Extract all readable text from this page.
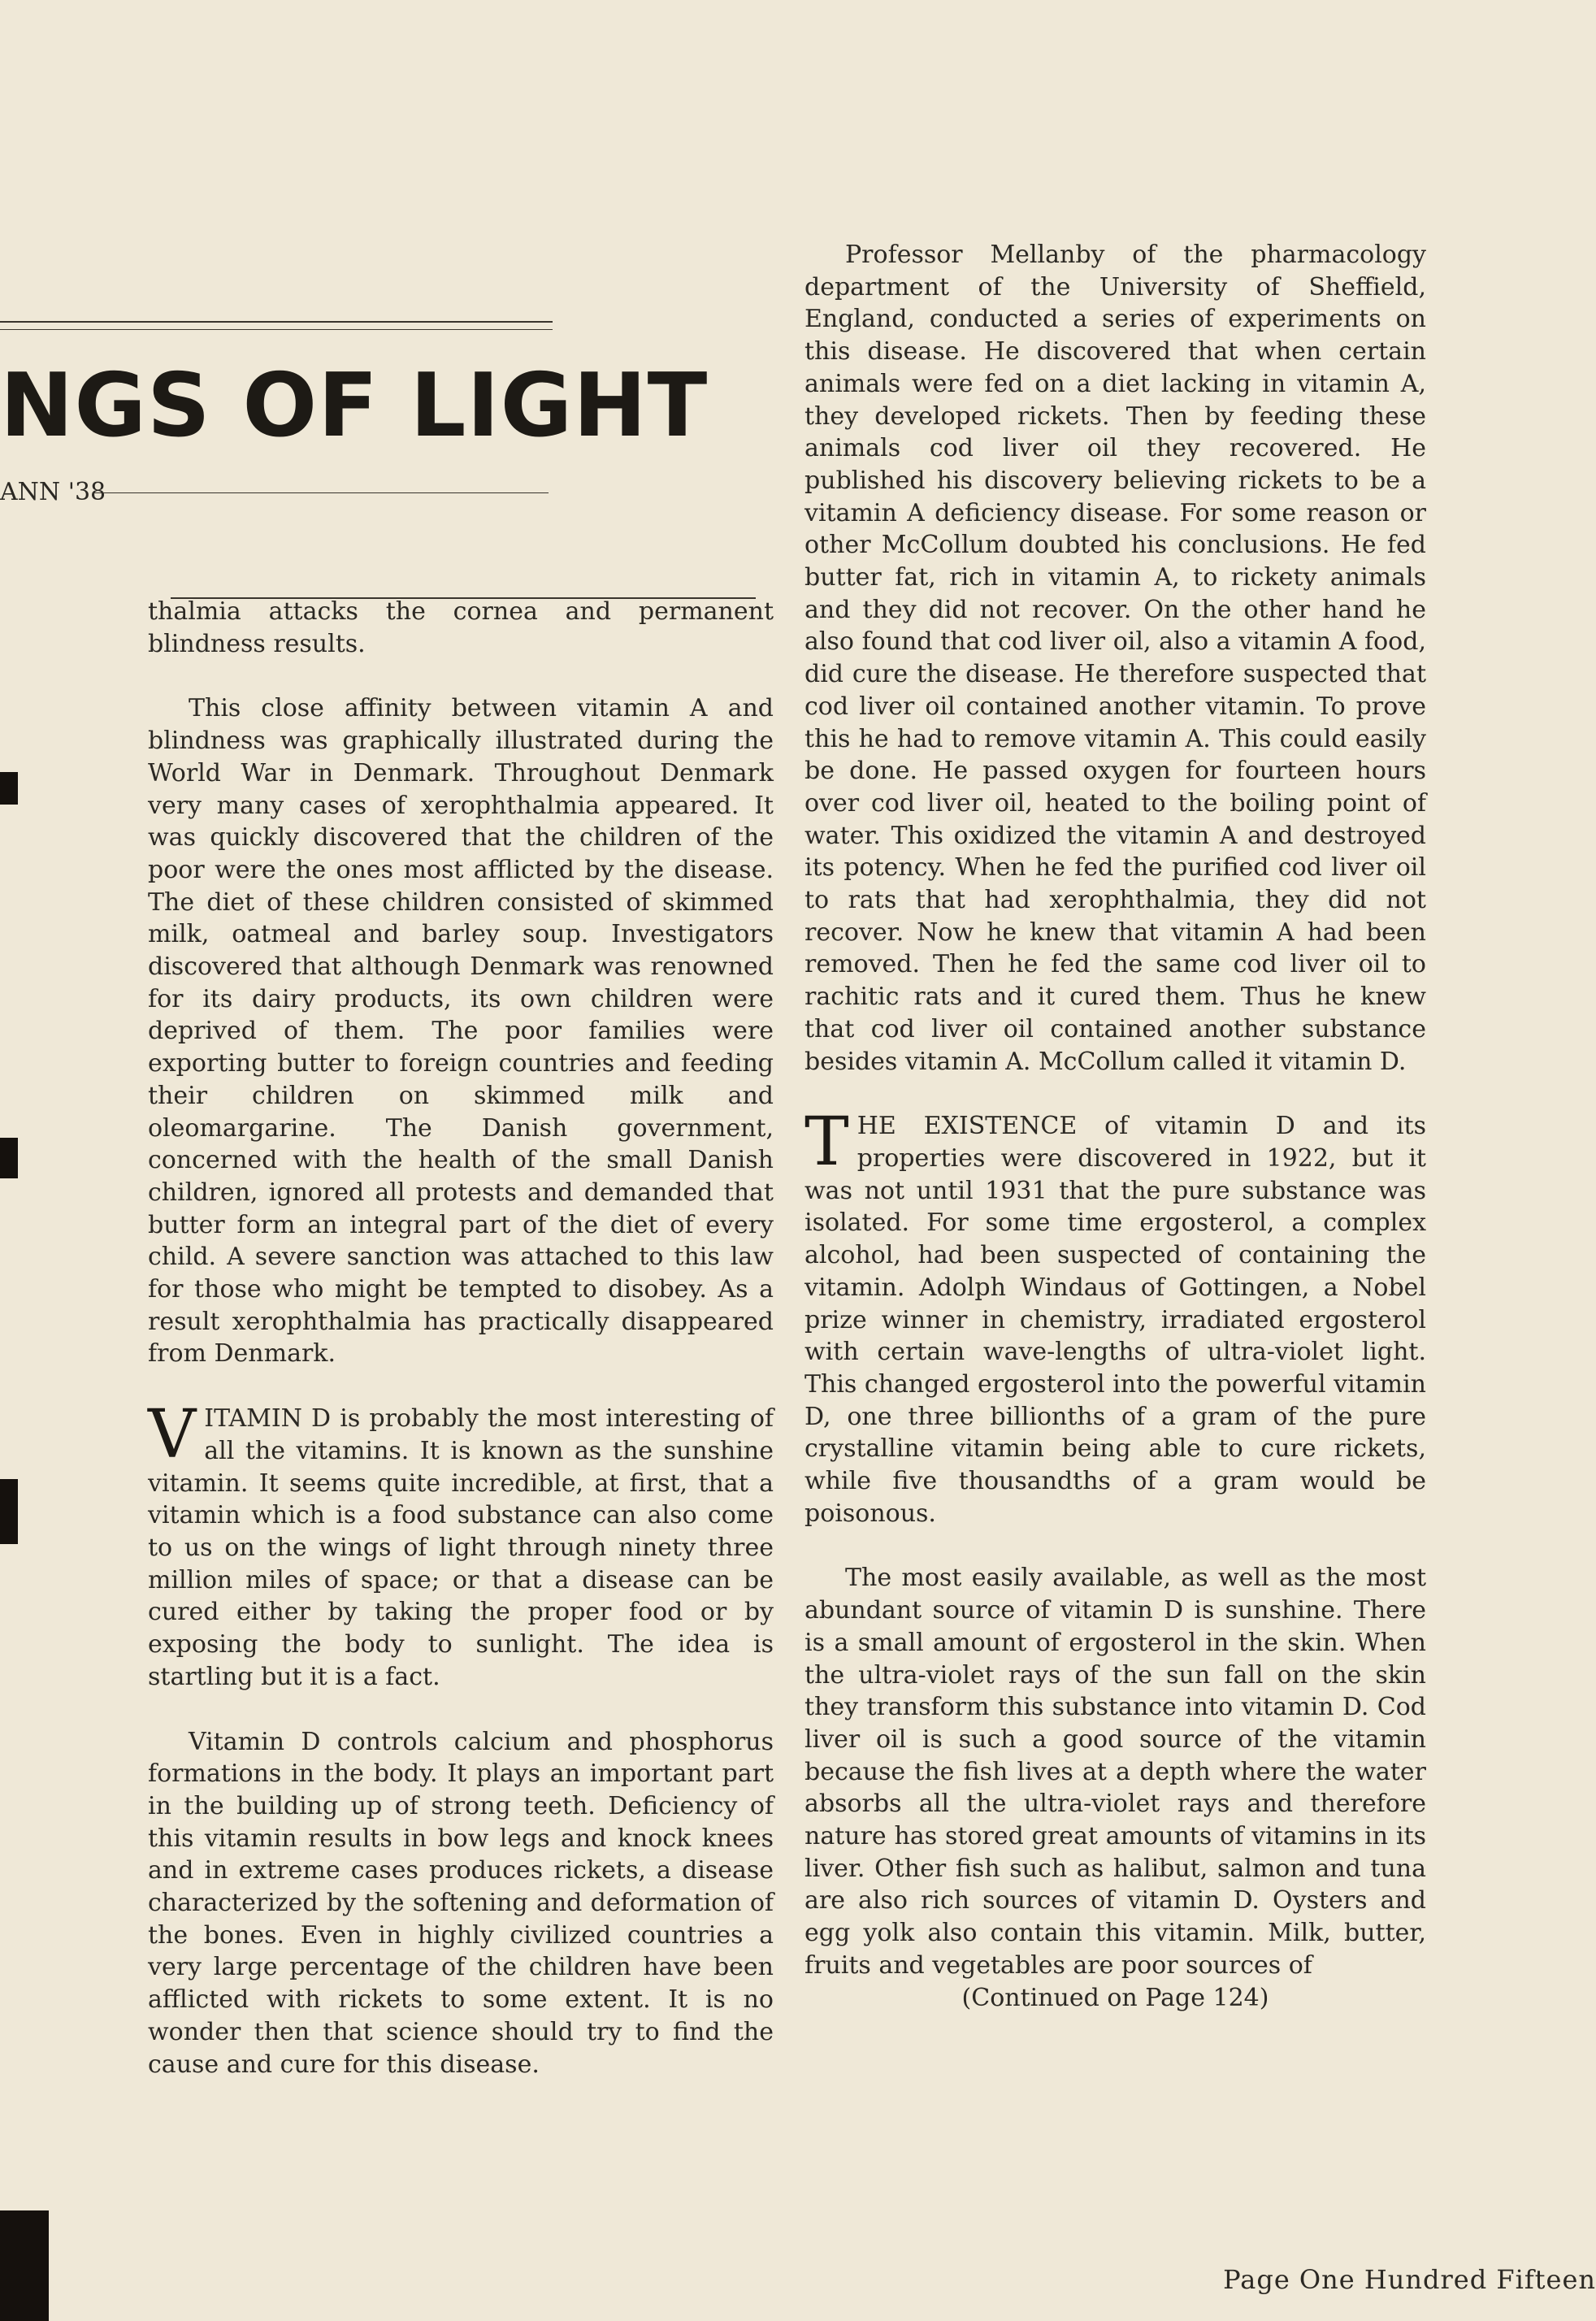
NGS OF LIGHT
ANN '38

thalmia attacks the cornea and permanent blindness results.

This close affinity between vitamin A and blindness was graphically illustrated during the World War in Denmark. Throughout Denmark very many cases of xerophthalmia appeared. It was quickly discovered that the children of the poor were the ones most afflicted by the disease. The diet of these children consisted of skimmed milk, oatmeal and barley soup. Investigators discovered that although Denmark was renowned for its dairy products, its own children were deprived of them. The poor families were exporting butter to foreign countries and feeding their children on skimmed milk and oleomargarine. The Danish government, concerned with the health of the small Danish children, ignored all protests and demanded that butter form an integral part of the diet of every child. A severe sanction was attached to this law for those who might be tempted to disobey. As a result xerophthalmia has practically disappeared from Denmark.

VITAMIN D is probably the most interesting of all the vitamins. It is known as the sunshine vitamin. It seems quite incredible, at first, that a vitamin which is a food substance can also come to us on the wings of light through ninety three million miles of space; or that a disease can be cured either by taking the proper food or by exposing the body to sunlight. The idea is startling but it is a fact.

Vitamin D controls calcium and phosphorus formations in the body. It plays an important part in the building up of strong teeth. Deficiency of this vitamin results in bow legs and knock knees and in extreme cases produces rickets, a disease characterized by the softening and deformation of the bones. Even in highly civilized countries a very large percentage of the children have been afflicted with rickets to some extent. It is no wonder then that science should try to find the cause and cure for this disease.

Professor Mellanby of the pharmacology department of the University of Sheffield, England, conducted a series of experiments on this disease. He discovered that when certain animals were fed on a diet lacking in vitamin A, they developed rickets. Then by feeding these animals cod liver oil they recovered. He published his discovery believing rickets to be a vitamin A deficiency disease. For some reason or other McCollum doubted his conclusions. He fed butter fat, rich in vitamin A, to rickety animals and they did not recover. On the other hand he also found that cod liver oil, also a vitamin A food, did cure the disease. He therefore suspected that cod liver oil contained another vitamin. To prove this he had to remove vitamin A. This could easily be done. He passed oxygen for fourteen hours over cod liver oil, heated to the boiling point of water. This oxidized the vitamin A and destroyed its potency. When he fed the purified cod liver oil to rats that had xerophthalmia, they did not recover. Now he knew that vitamin A had been removed. Then he fed the same cod liver oil to rachitic rats and it cured them. Thus he knew that cod liver oil contained another substance besides vitamin A. McCollum called it vitamin D.

THE EXISTENCE of vitamin D and its properties were discovered in 1922, but it was not until 1931 that the pure substance was isolated. For some time ergosterol, a complex alcohol, had been suspected of containing the vitamin. Adolph Windaus of Gottingen, a Nobel prize winner in chemistry, irradiated ergosterol with certain wave-lengths of ultra-violet light. This changed ergosterol into the powerful vitamin D, one three billionths of a gram of the pure crystalline vitamin being able to cure rickets, while five thousandths of a gram would be poisonous.

The most easily available, as well as the most abundant source of vitamin D is sunshine. There is a small amount of ergosterol in the skin. When the ultra-violet rays of the sun fall on the skin they transform this substance into vitamin D. Cod liver oil is such a good source of the vitamin because the fish lives at a depth where the water absorbs all the ultra-violet rays and therefore nature has stored great amounts of vitamins in its liver. Other fish such as halibut, salmon and tuna are also rich sources of vitamin D. Oysters and egg yolk also contain this vitamin. Milk, butter, fruits and vegetables are poor sources of

(Continued on Page 124)

Page One Hundred Fifteen
